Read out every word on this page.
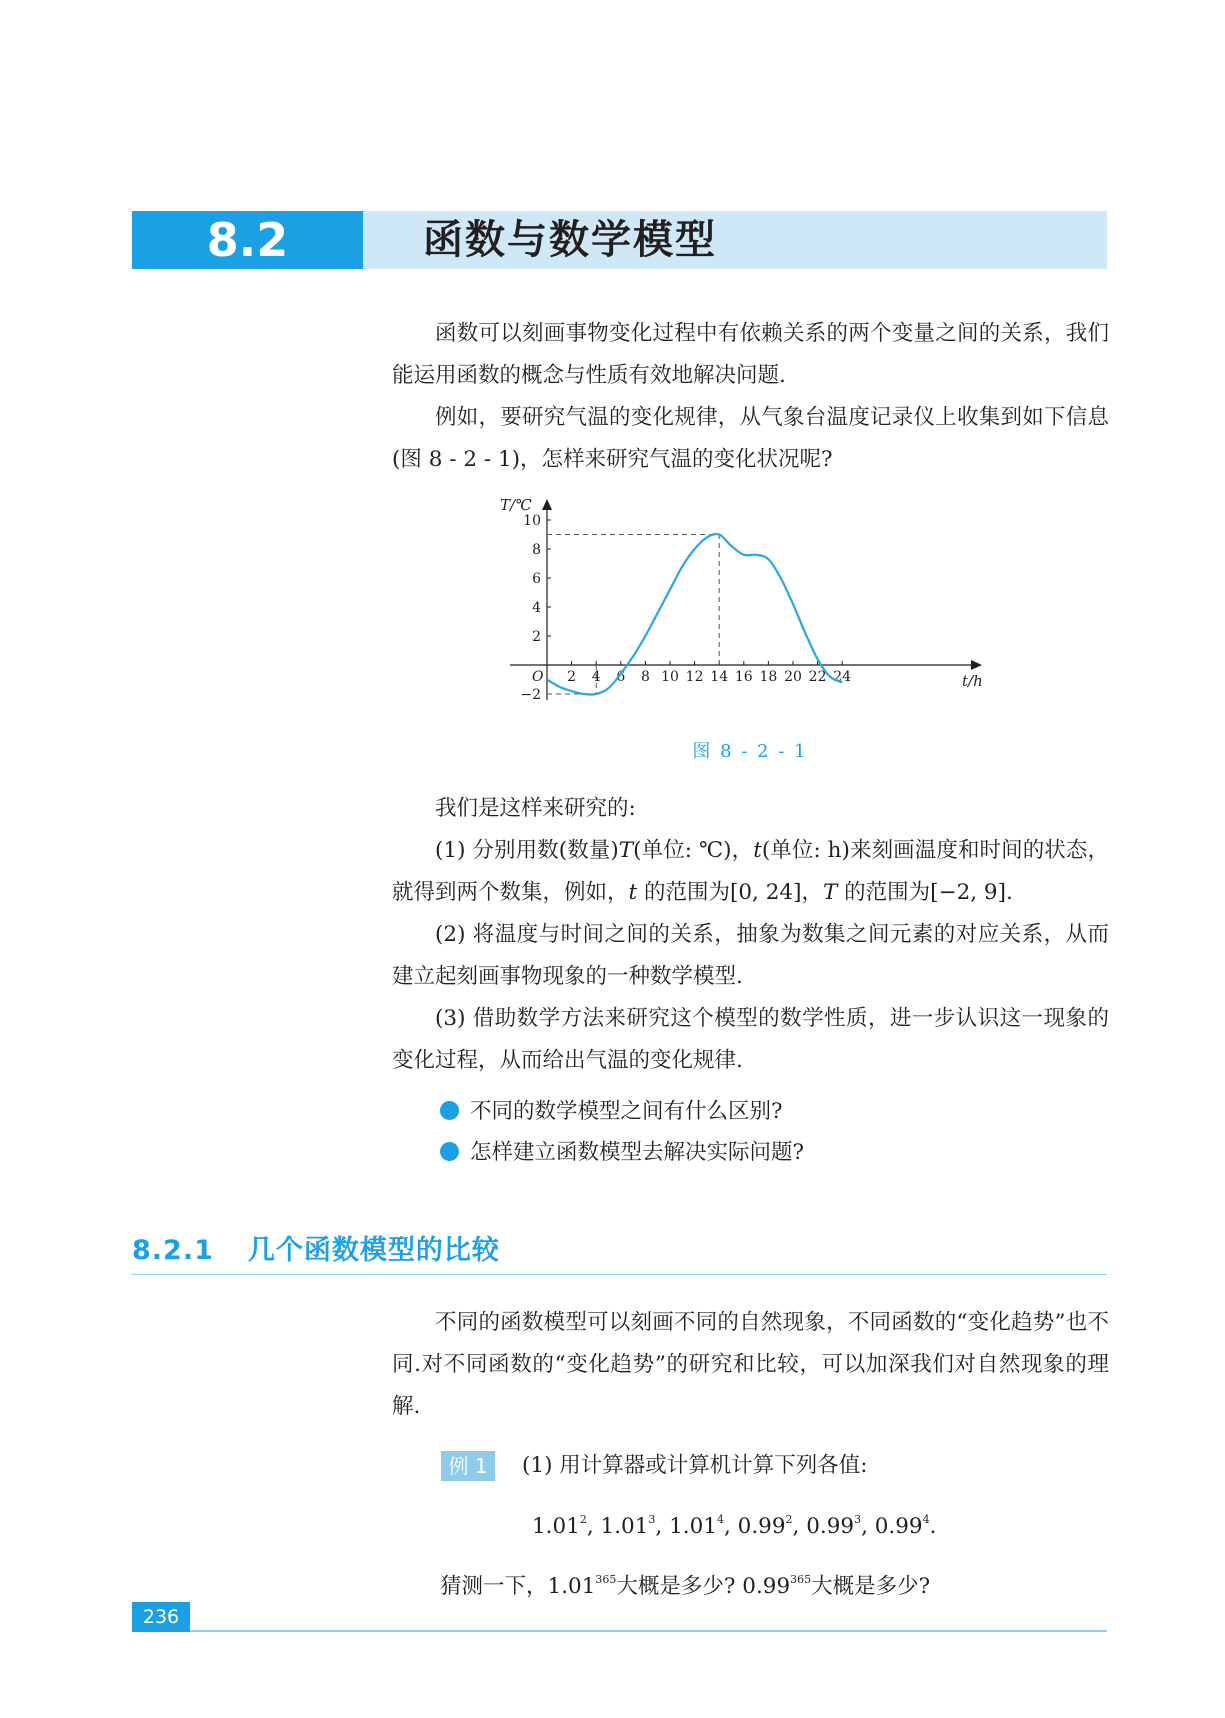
8.2	函数与数学模型

函数可以刻画事物变化过程中有依赖关系的两个变量之间的关系，我们能运用函数的概念与性质有效地解决问题.

例如，要研究气温的变化规律，从气象台温度记录仪上收集到如下信息(图 8 - 2 - 1)，怎样来研究气温的变化状况呢?

t/h
T/℃
O 2 4 6 8 10 12 14 16 18 20 22 24
−2
2
4
6
8
10
图 8 - 2 - 1

我们是这样来研究的:

(1) 分别用数(数量)T(单位: ℃)，t(单位: h)来刻画温度和时间的状态，就得到两个数集，例如，t 的范围为[0, 24]，T 的范围为[−2, 9].

(2) 将温度与时间之间的关系，抽象为数集之间元素的对应关系，从而建立起刻画事物现象的一种数学模型.

(3) 借助数学方法来研究这个模型的数学性质，进一步认识这一现象的变化过程，从而给出气温的变化规律.

不同的数学模型之间有什么区别?
怎样建立函数模型去解决实际问题?
8.2.1 几个函数模型的比较

不同的函数模型可以刻画不同的自然现象，不同函数的“变化趋势”也不同.对不同函数的“变化趋势”的研究和比较，可以加深我们对自然现象的理解.

例 1	(1) 用计算器或计算机计算下列各值:
1.01$^2$, 1.01$^3$, 1.01$^4$, 0.99$^2$, 0.99$^3$, 0.99$^4$.
猜测一下，1.01$^{365}$大概是多少? 0.99$^{365}$大概是多少?
236
